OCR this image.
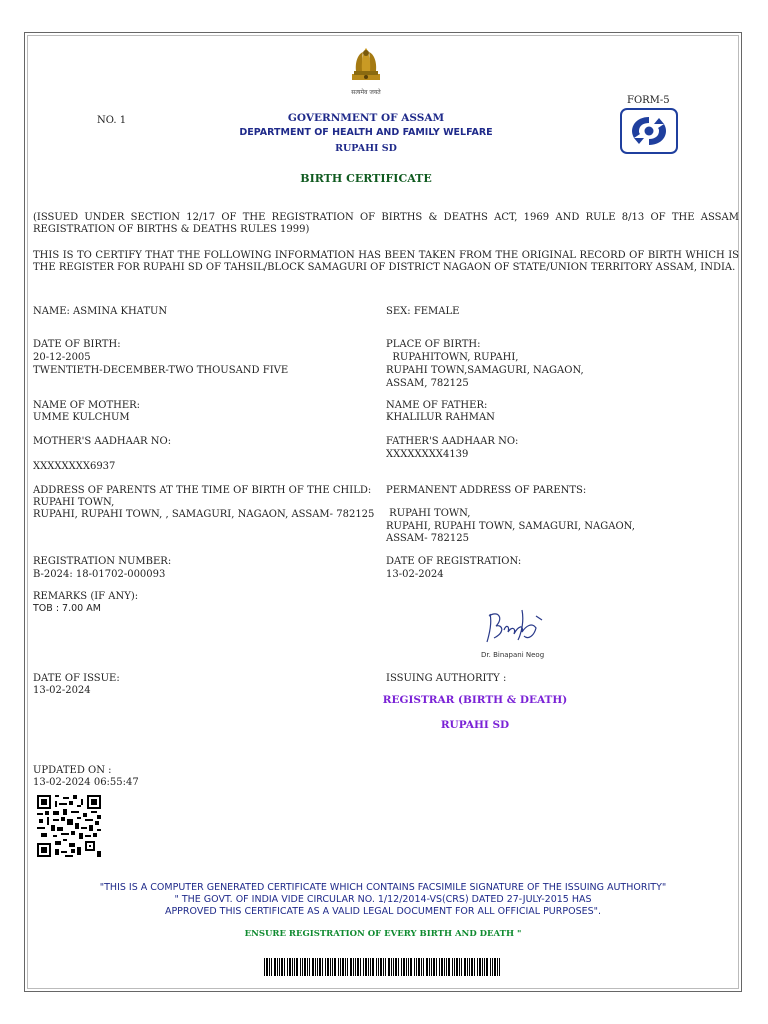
सत्यमेव जयते
FORM-5
NO. 1	GOVERNMENT OF ASSAM
DEPARTMENT OF HEALTH AND FAMILY WELFARE
RUPAHI SD
BIRTH CERTIFICATE
(ISSUED UNDER SECTION 12/17 OF THE REGISTRATION OF BIRTHS & DEATHS ACT, 1969 AND RULE 8/13 OF THE ASSAM REGISTRATION OF BIRTHS & DEATHS RULES 1999)
THIS IS TO CERTIFY THAT THE FOLLOWING INFORMATION HAS BEEN TAKEN FROM THE ORIGINAL RECORD OF BIRTH WHICH IS THE REGISTER FOR RUPAHI SD OF TAHSIL/BLOCK SAMAGURI OF DISTRICT NAGAON OF STATE/UNION TERRITORY ASSAM, INDIA.
NAME: ASMINA KHATUN	SEX: FEMALE
DATE OF BIRTH:
20-12-2005
TWENTIETH-DECEMBER-TWO THOUSAND FIVE
PLACE OF BIRTH:
RUPAHITOWN, RUPAHI,
RUPAHI TOWN,SAMAGURI, NAGAON,
ASSAM, 782125
NAME OF MOTHER:
UMME KULCHUM
NAME OF FATHER:
KHALILUR RAHMAN
MOTHER'S AADHAAR NO:
XXXXXXXX6937
FATHER'S AADHAAR NO:
XXXXXXXX4139
ADDRESS OF PARENTS AT THE TIME OF BIRTH OF THE CHILD:
RUPAHI TOWN,
RUPAHI, RUPAHI TOWN, , SAMAGURI, NAGAON, ASSAM- 782125
PERMANENT ADDRESS OF PARENTS:
RUPAHI TOWN,
RUPAHI, RUPAHI TOWN, SAMAGURI, NAGAON,
ASSAM- 782125
REGISTRATION NUMBER:
B-2024: 18-01702-000093
DATE OF REGISTRATION:
13-02-2024
REMARKS (IF ANY):
TOB : 7.00 AM
Dr. Binapani Neog
DATE OF ISSUE:
13-02-2024
ISSUING AUTHORITY :
REGISTRAR (BIRTH & DEATH)
RUPAHI SD
UPDATED ON :
13-02-2024 06:55:47
"THIS IS A COMPUTER GENERATED CERTIFICATE WHICH CONTAINS FACSIMILE SIGNATURE OF THE ISSUING AUTHORITY"
" THE GOVT. OF INDIA VIDE CIRCULAR NO. 1/12/2014-VS(CRS) DATED 27-JULY-2015 HAS
APPROVED THIS CERTIFICATE AS A VALID LEGAL DOCUMENT FOR ALL OFFICIAL PURPOSES".
ENSURE REGISTRATION OF EVERY BIRTH AND DEATH "
